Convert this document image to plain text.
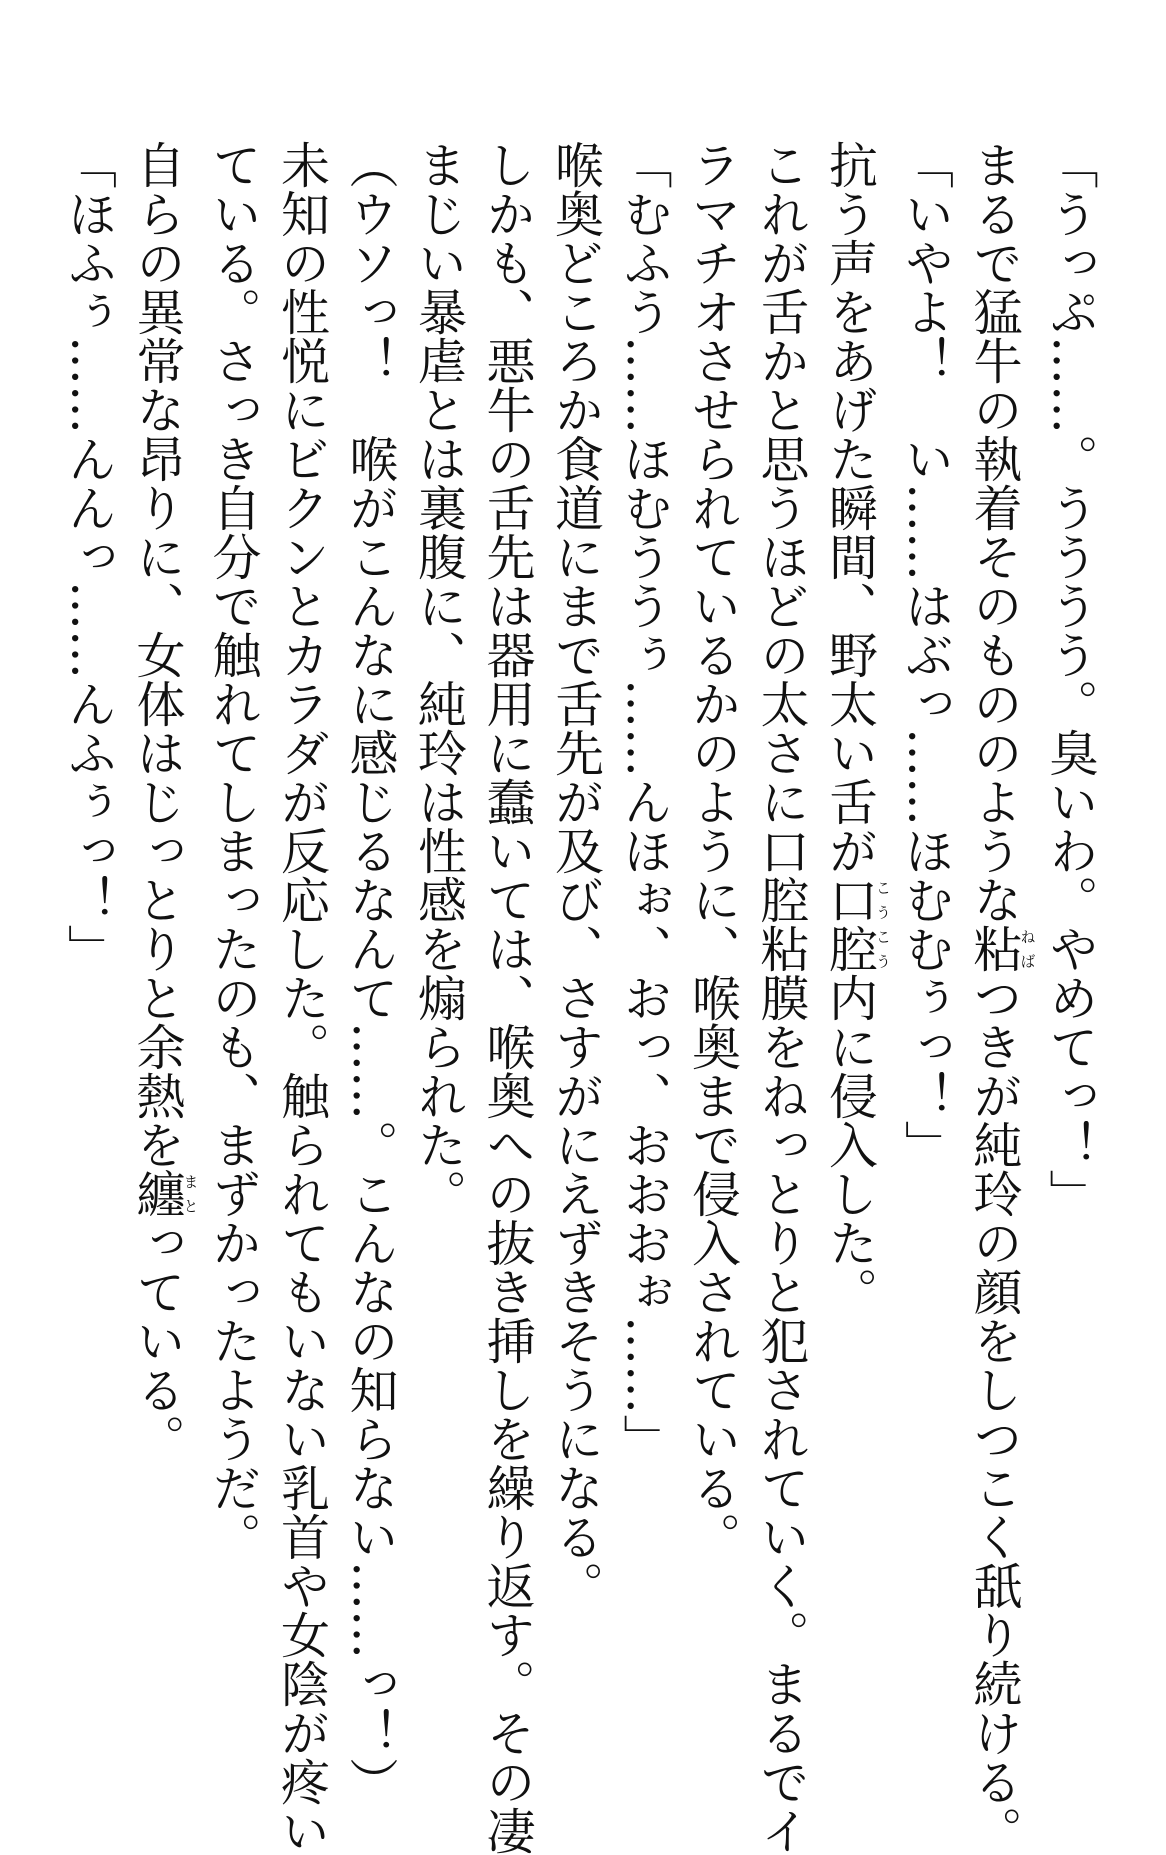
「うっぷ……。うううう。臭いわ。やめてっ！」
まるで猛牛の執着そのもののような粘ねばつきが純玲の顔をしつこく舐り続ける。
「いやよ！　い……はぶっ……ほむむぅっ！」
抗う声をあげた瞬間、野太い舌が口腔こうこう内に侵入した。
これが舌かと思うほどの太さに口腔粘膜をねっとりと犯されていく。まるでイ
ラマチオさせられているかのように、喉奥まで侵入されている。
「むふう……ほむううぅ……んほぉ、おっ、おおおぉ……」
喉奥どころか食道にまで舌先が及び、さすがにえずきそうになる。
しかも、悪牛の舌先は器用に蠢いては、喉奥への抜き挿しを繰り返す。その凄
まじい暴虐とは裏腹に、純玲は性感を煽られた。
（ウソっ！　喉がこんなに感じるなんて……。こんなの知らない……っ！）
未知の性悦にビクンとカラダが反応した。触られてもいない乳首や女陰が疼い
ている。さっき自分で触れてしまったのも、まずかったようだ。
自らの異常な昂りに、女体はじっとりと余熱を纏まとっている。
「ほふぅ……んんっ……んふぅっ！」
